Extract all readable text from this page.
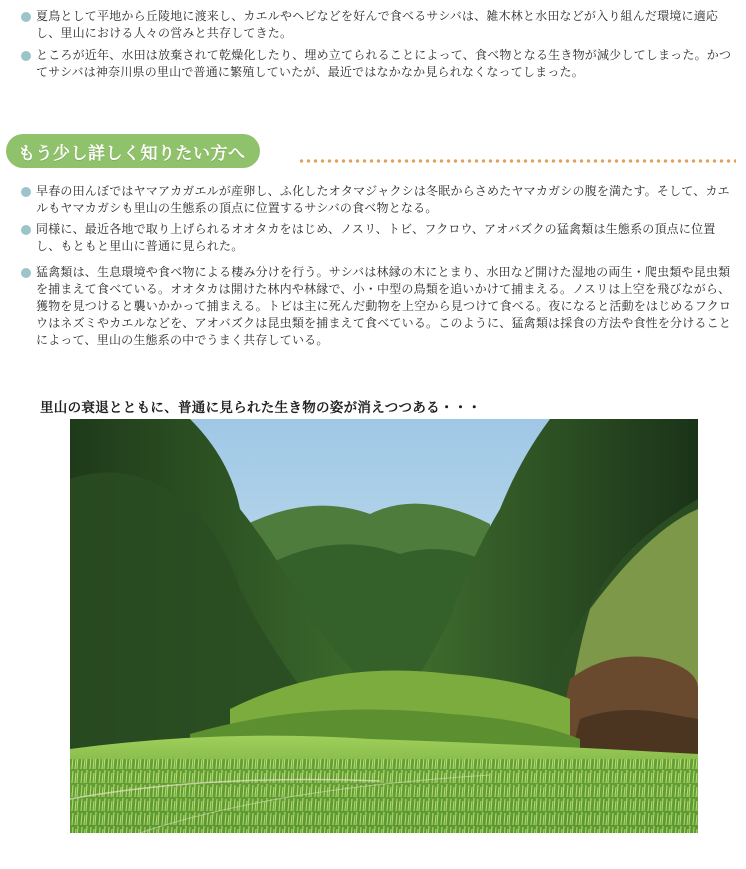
夏鳥として平地から丘陵地に渡来し、カエルやヘビなどを好んで食べるサシバは、雑木林と水田などが入り組んだ環境に適応し、里山における人々の営みと共存してきた。

ところが近年、水田は放棄されて乾燥化したり、埋め立てられることによって、食べ物となる生き物が減少してしまった。かつてサシバは神奈川県の里山で普通に繁殖していたが、最近ではなかなか見られなくなってしまった。

もう少し詳しく知りたい方へ

早春の田んぼではヤマアカガエルが産卵し、ふ化したオタマジャクシは冬眠からさめたヤマカガシの腹を満たす。そして、カエルもヤマカガシも里山の生態系の頂点に位置するサシバの食べ物となる。

同様に、最近各地で取り上げられるオオタカをはじめ、ノスリ、トビ、フクロウ、アオバズクの猛禽類は生態系の頂点に位置し、もともと里山に普通に見られた。

猛禽類は、生息環境や食べ物による棲み分けを行う。サシバは林縁の木にとまり、水田など開けた湿地の両生・爬虫類や昆虫類を捕まえて食べている。オオタカは開けた林内や林縁で、小・中型の鳥類を追いかけて捕まえる。ノスリは上空を飛びながら、獲物を見つけると襲いかかって捕まえる。トビは主に死んだ動物を上空から見つけて食べる。夜になると活動をはじめるフクロウはネズミやカエルなどを、アオバズクは昆虫類を捕まえて食べている。このように、猛禽類は採食の方法や食性を分けることによって、里山の生態系の中でうまく共存している。

里山の衰退とともに、普通に見られた生き物の姿が消えつつある・・・
